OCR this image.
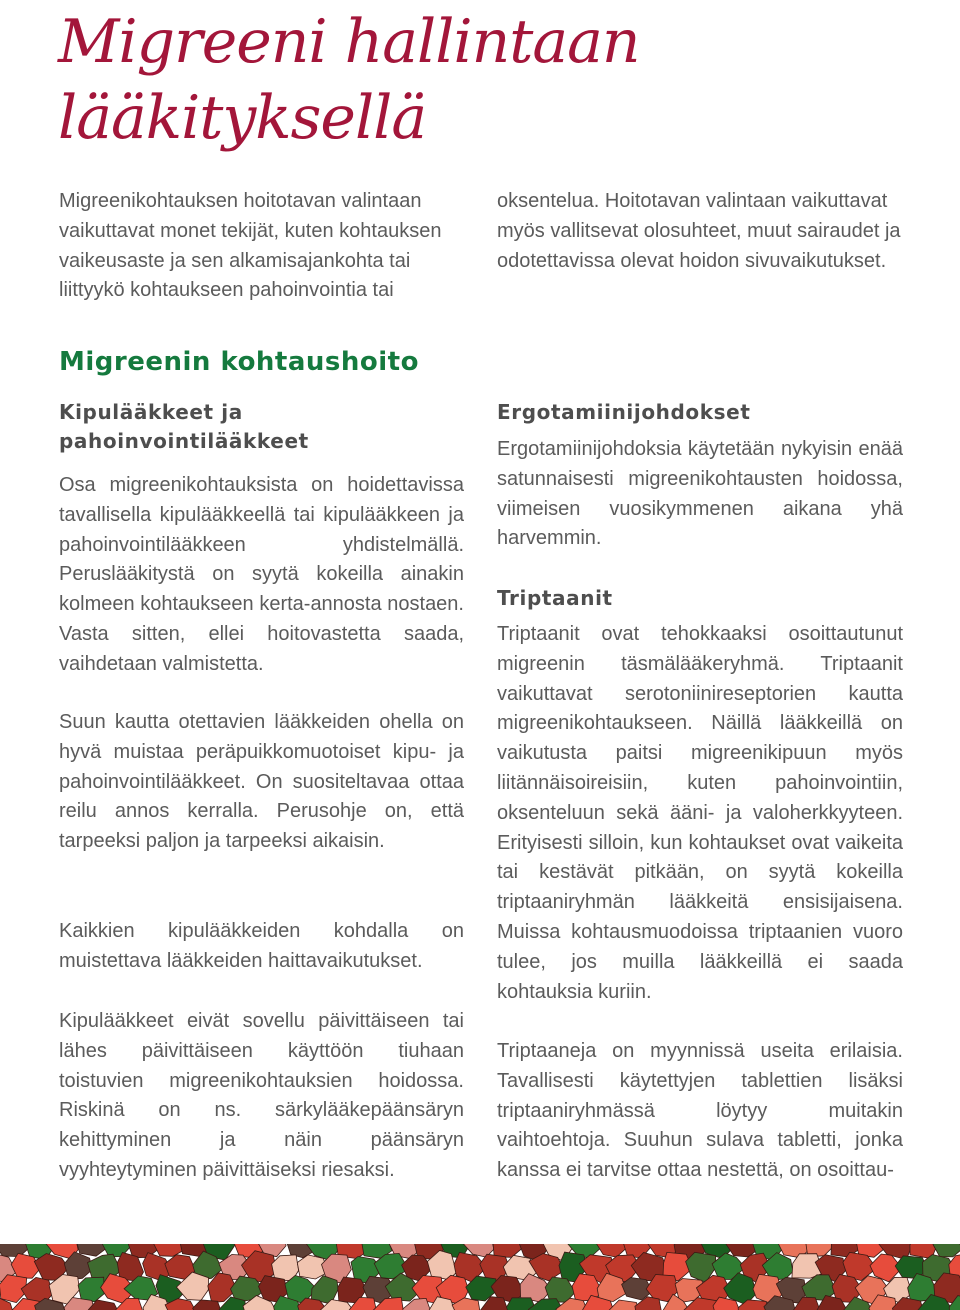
Migreeni hallintaan
lääkityksellä

Migreenikohtauksen hoitotavan valintaan vaikuttavat monet tekijät, kuten kohtauksen vaikeusaste ja sen alkamisajankohta tai liittyykö kohtaukseen pahoinvointia tai

oksentelua. Hoitotavan valintaan vaikuttavat myös vallitsevat olosuhteet, muut sairaudet ja odotettavissa olevat hoidon sivuvaikutukset.

Migreenin kohtaushoito
Kipulääkkeet ja
pahoinvointilääkkeet

Osa migreenikohtauksista on hoidettavissa tavallisella kipulääkkeellä tai kipulääkkeen ja pahoinvointilääkkeen yhdistelmällä. Peruslääkitystä on syytä kokeilla ainakin kolmeen kohtaukseen kerta-annosta nostaen. Vasta sitten, ellei hoitovastetta saada, vaihdetaan valmistetta.

Suun kautta otettavien lääkkeiden ohella on hyvä muistaa peräpuikkomuotoiset kipu- ja pahoinvointilääkkeet. On suositeltavaa ottaa reilu annos kerralla. Perusohje on, että tarpeeksi paljon ja tarpeeksi aikaisin.

Kaikkien kipulääkkeiden kohdalla on muistettava lääkkeiden haittavaikutukset.

Kipulääkkeet eivät sovellu päivittäiseen tai lähes päivittäiseen käyttöön tiuhaan toistuvien migreenikohtauksien hoidossa. Riskinä on ns. särkylääkepäänsäryn kehittyminen ja näin päänsäryn vyyhteytyminen päivittäiseksi riesaksi.

Ergotamiinijohdokset

Ergotamiinijohdoksia käytetään nykyisin enää satunnaisesti migreenikohtausten hoidossa, viimeisen vuosikymmenen aikana yhä harvemmin.

Triptaanit

Triptaanit ovat tehokkaaksi osoittautunut migreenin täsmälääkeryhmä. Triptaanit vaikuttavat serotoniinireseptorien kautta migreenikohtaukseen. Näillä lääkkeillä on vaikutusta paitsi migreenikipuun myös liitännäisoireisiin, kuten pahoinvointiin, oksenteluun sekä ääni- ja valoherkkyyteen. Erityisesti silloin, kun kohtaukset ovat vaikeita tai kestävät pitkään, on syytä kokeilla triptaaniryhmän lääkkeitä ensisijaisena. Muissa kohtausmuodoissa triptaanien vuoro tulee, jos muilla lääkkeillä ei saada kohtauksia kuriin.

Triptaaneja on myynnissä useita erilaisia. Tavallisesti käytettyjen tablettien lisäksi triptaaniryhmässä löytyy muitakin vaihtoehtoja. Suuhun sulava tabletti, jonka kanssa ei tarvitse ottaa nestettä, on osoittau-
